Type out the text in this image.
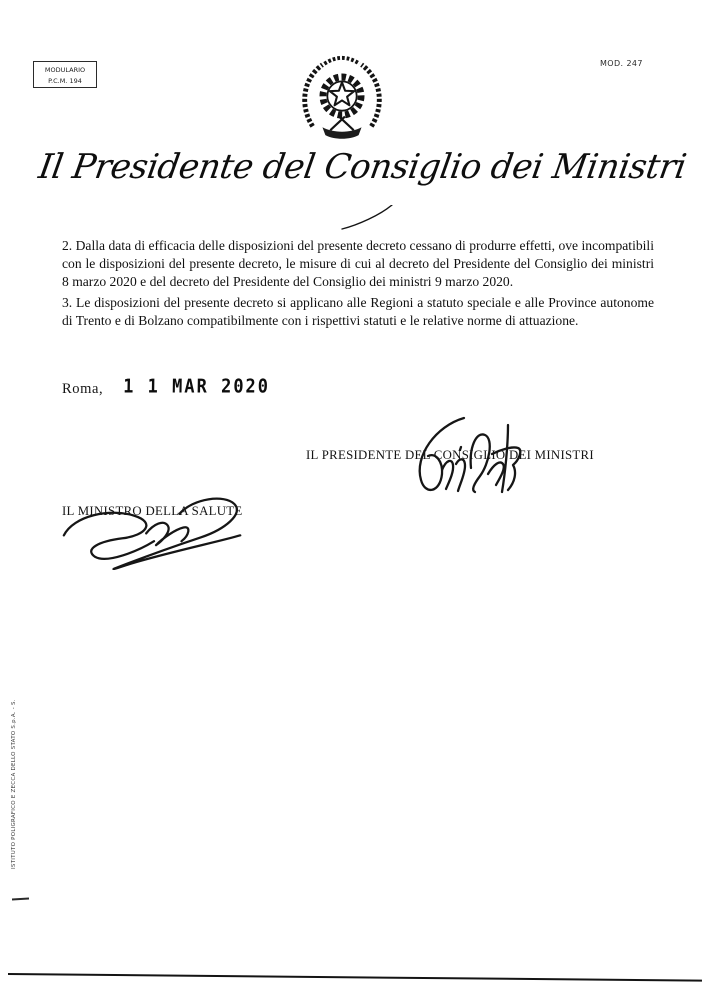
MODULARIO
P.C.M. 194
MOD. 247
Il Presidente del Consiglio dei Ministri

2. Dalla data di efficacia delle disposizioni del presente decreto cessano di produrre effetti, ove incompatibili con le disposizioni del presente decreto, le misure di cui al decreto del Presidente del Consiglio dei ministri 8 marzo 2020 e del decreto del Presidente del Consiglio dei ministri 9 marzo 2020.

3. Le disposizioni del presente decreto si applicano alle Regioni a statuto speciale e alle Province autonome di Trento e di Bolzano compatibilmente con i rispettivi statuti e le relative norme di attuazione.

Roma, 1 1 MAR 2020
IL PRESIDENTE DEL CONSIGLIO DEI MINISTRI
IL MINISTRO DELLA SALUTE
ISTITUTO POLIGRAFICO E ZECCA DELLO STATO S.p.A. - S.
